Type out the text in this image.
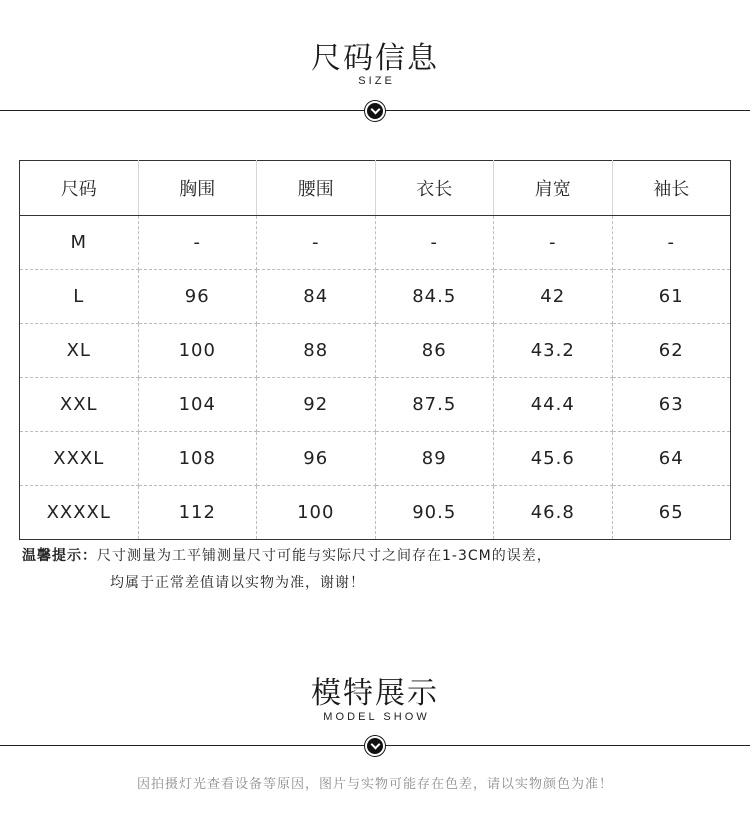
尺码信息
S I Z E
尺码	胸围	腰围	衣长	肩宽	袖长
M	-	-	-	-	-
L	96	84	84.5	42	61
XL	100	88	86	43.2	62
XXL	104	92	87.5	44.4	63
XXXL	108	96	89	45.6	64
XXXXL	112	100	90.5	46.8	65
温馨提示：尺寸测量为工平铺测量尺寸可能与实际尺寸之间存在1-3CM的误差，
均属于正常差值请以实物为准，谢谢！
模特展示
M O D E L   S H O W
因拍摄灯光查看设备等原因，图片与实物可能存在色差，请以实物颜色为准！
